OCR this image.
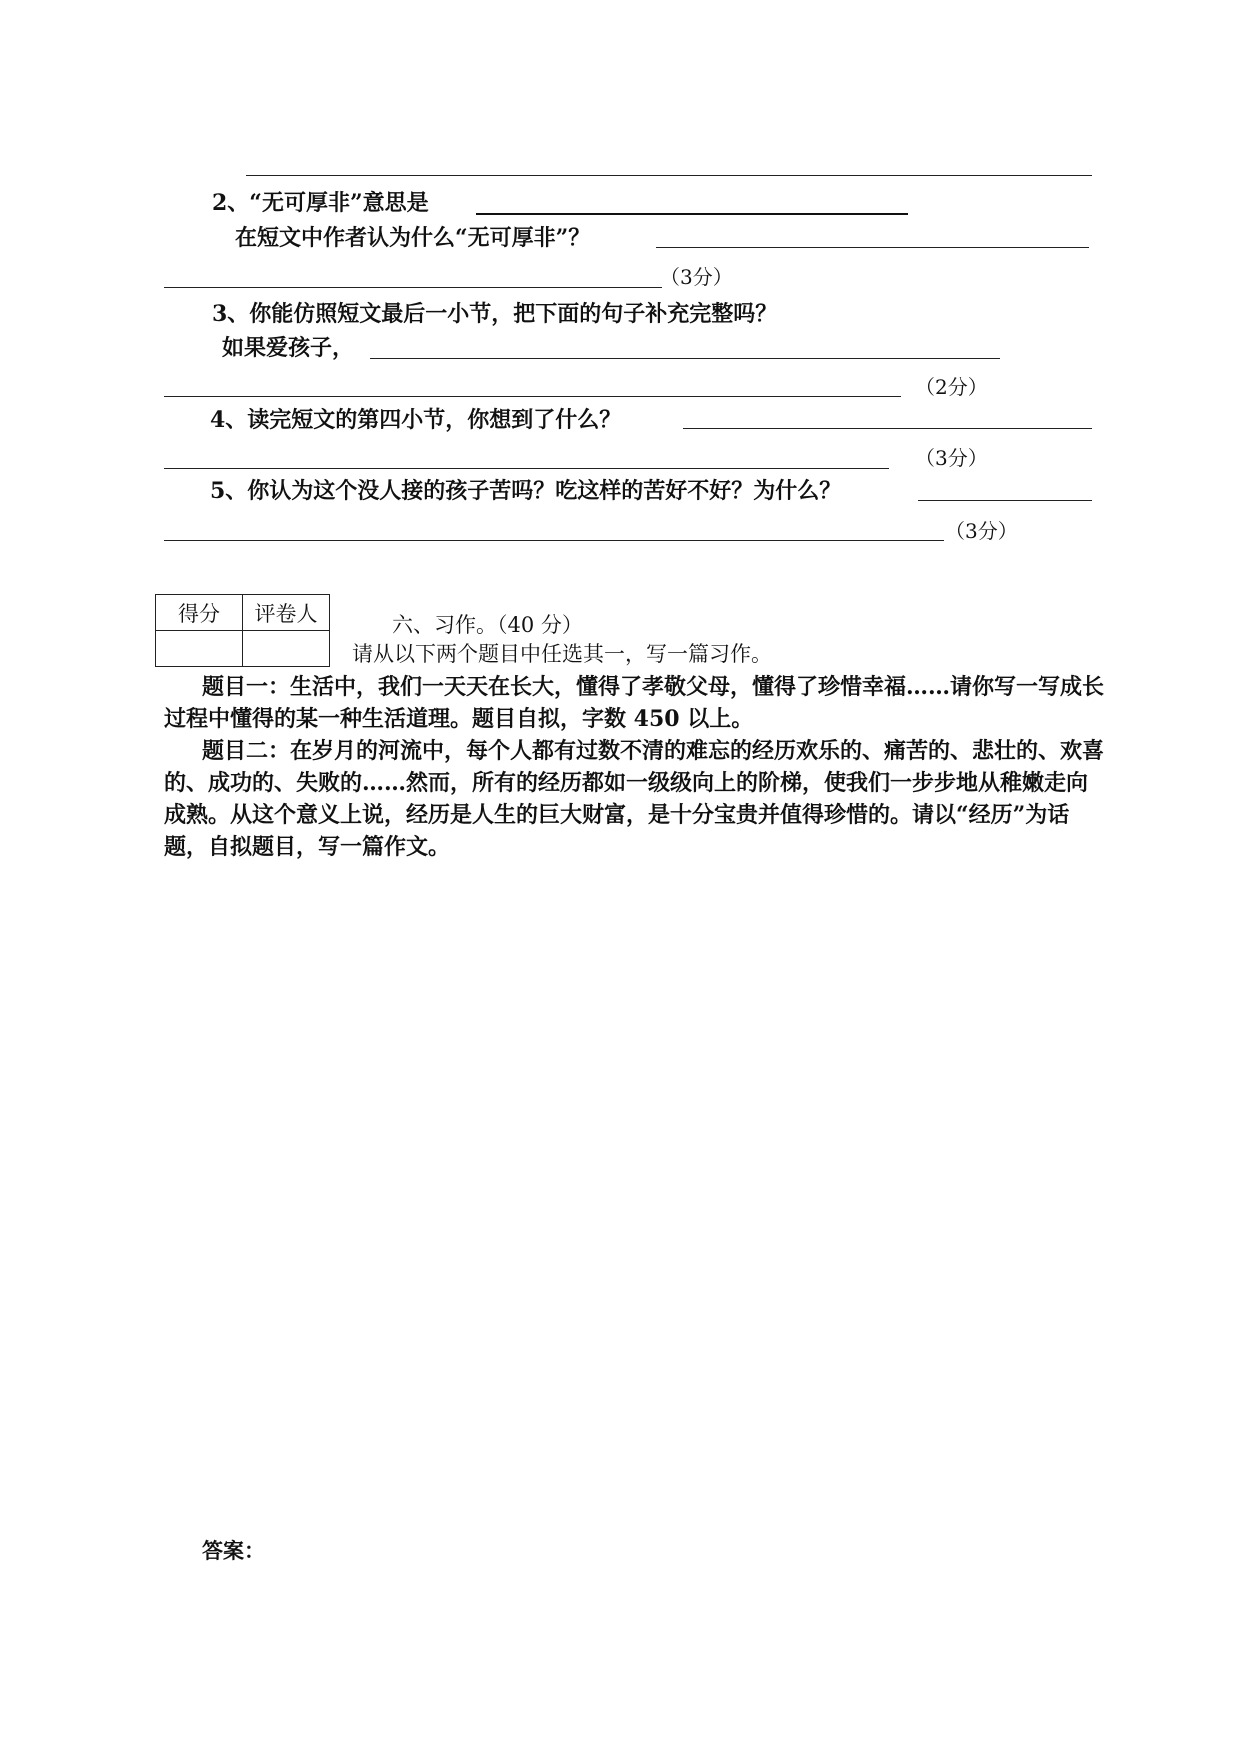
2、“无可厚非”意思是
在短文中作者认为什么“无可厚非”？
（3分）
3、你能仿照短文最后一小节，把下面的句子补充完整吗？
如果爱孩子，
（2分）
4、读完短文的第四小节，你想到了什么？
（3分）
5、你认为这个没人接的孩子苦吗？吃这样的苦好不好？为什么？
（3分）
得分	评卷人
		六、习作。（40 分）
请从以下两个题目中任选其一，写一篇习作。
题目一：生活中，我们一天天在长大，懂得了孝敬父母，懂得了珍惜幸福……请你写一写成长过程中懂得的某一种生活道理。题目自拟，字数 450 以上。
题目二：在岁月的河流中，每个人都有过数不清的难忘的经历欢乐的、痛苦的、悲壮的、欢喜的、成功的、失败的……然而，所有的经历都如一级级向上的阶梯，使我们一步步地从稚嫩走向成熟。从这个意义上说，经历是人生的巨大财富，是十分宝贵并值得珍惜的。请以“经历”为话题，自拟题目，写一篇作文。
答案：
